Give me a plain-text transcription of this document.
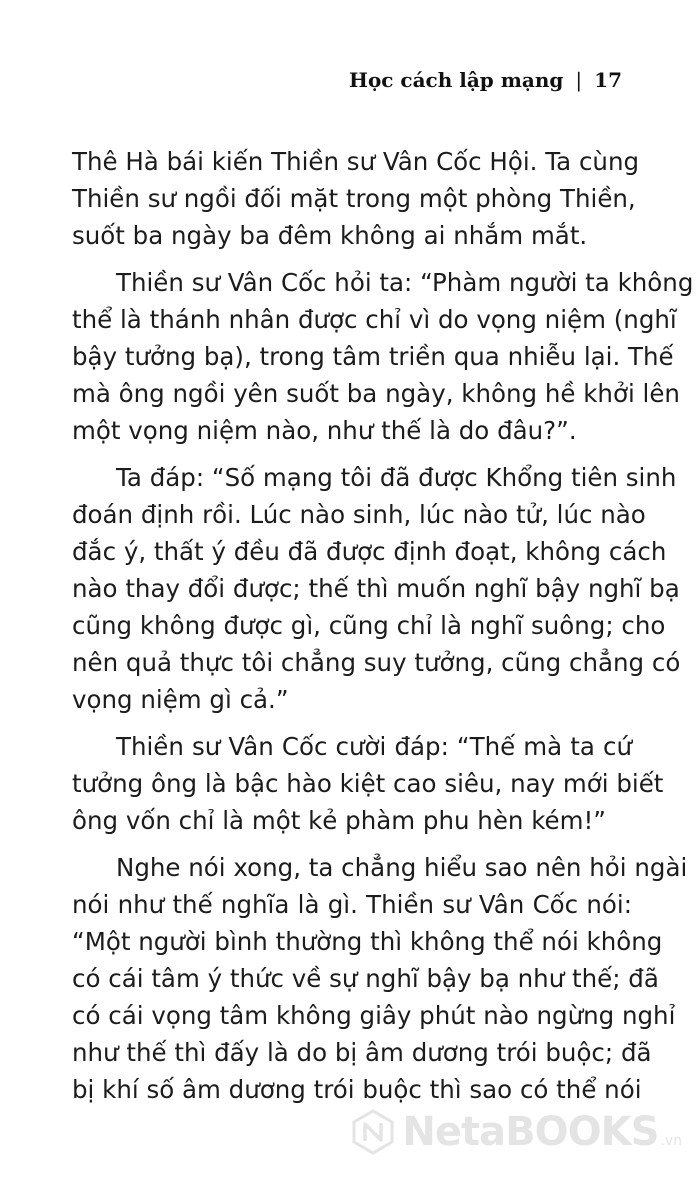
Học cách lập mạng | 17
Thê Hà bái kiến Thiền sư Vân Cốc Hội. Ta cùng
Thiền sư ngồi đối mặt trong một phòng Thiền,
suốt ba ngày ba đêm không ai nhắm mắt.
Thiền sư Vân Cốc hỏi ta: “Phàm người ta không
thể là thánh nhân được chỉ vì do vọng niệm (nghĩ
bậy tưởng bạ), trong tâm triền qua nhiễu lại. Thế
mà ông ngồi yên suốt ba ngày, không hề khởi lên
một vọng niệm nào, như thế là do đâu?”.
Ta đáp: “Số mạng tôi đã được Khổng tiên sinh
đoán định rồi. Lúc nào sinh, lúc nào tử, lúc nào
đắc ý, thất ý đều đã được định đoạt, không cách
nào thay đổi được; thế thì muốn nghĩ bậy nghĩ bạ
cũng không được gì, cũng chỉ là nghĩ suông; cho
nên quả thực tôi chẳng suy tưởng, cũng chẳng có
vọng niệm gì cả.”
Thiền sư Vân Cốc cười đáp: “Thế mà ta cứ
tưởng ông là bậc hào kiệt cao siêu, nay mới biết
ông vốn chỉ là một kẻ phàm phu hèn kém!”
Nghe nói xong, ta chẳng hiểu sao nên hỏi ngài
nói như thế nghĩa là gì. Thiền sư Vân Cốc nói:
“Một người bình thường thì không thể nói không
có cái tâm ý thức về sự nghĩ bậy bạ như thế; đã
có cái vọng tâm không giây phút nào ngừng nghỉ
như thế thì đấy là do bị âm dương trói buộc; đã
bị khí số âm dương trói buộc thì sao có thể nói
NetaBOOKS .vn
